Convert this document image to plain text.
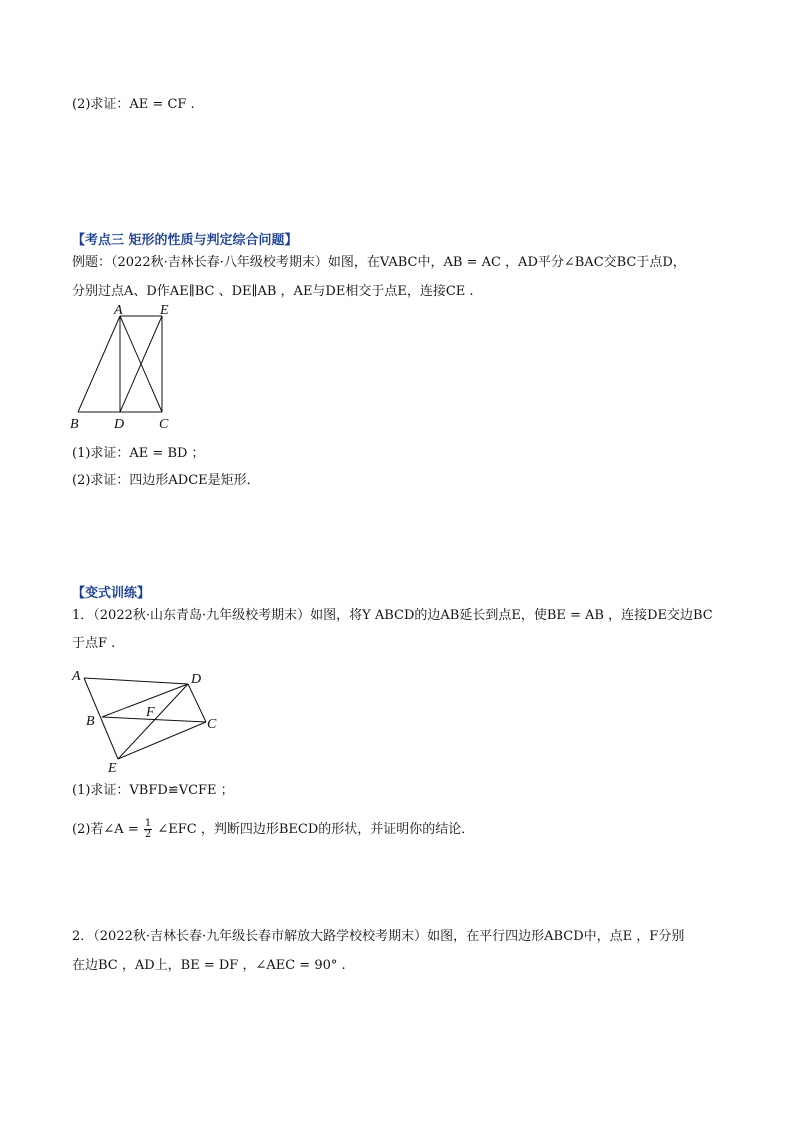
(2)求证：AE = CF .
【考点三 矩形的性质与判定综合问题】
例题：（2022秋·吉林长春·八年级校考期末）如图，在VABC中，AB = AC ，AD平分∠BAC交BC于点D，
分别过点A、D作AE∥BC 、DE∥AB ，AE与DE相交于点E，连接CE .
A	E
B	D C
(1)求证：AE = BD ；
(2)求证：四边形ADCE是矩形．
【变式训练】
1．（2022秋·山东青岛·九年级校考期末）如图，将Y ABCD的边AB延长到点E，使BE = AB ，连接DE交边BC
于点F .
A	D
B
F
C
E
(1)求证：VBFD≌VCFE ；
(2)若∠A = $\frac{1}{2}$ ∠EFC ，判断四边形BECD的形状，并证明你的结论．
2．（2022秋·吉林长春·九年级长春市解放大路学校校考期末）如图，在平行四边形ABCD中，点E ，F分别
在边BC ，AD上，BE = DF ，∠AEC = 90° .
